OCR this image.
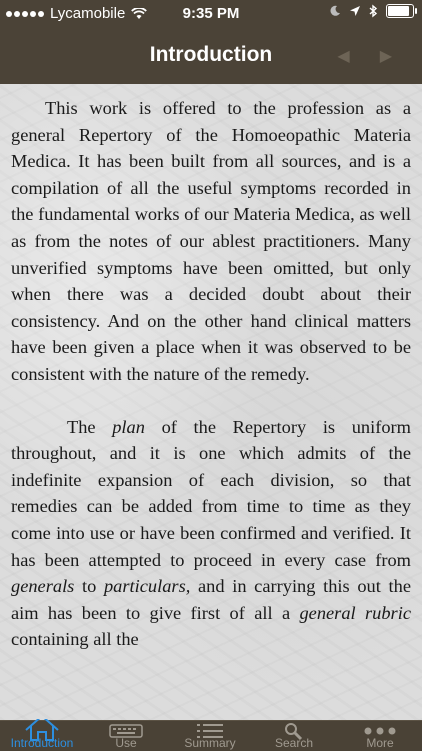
Lycamobile	9:35 PM
Introduction	◀ ▶

This work is offered to the profession as a general Repertory of the Homoeopathic Materia Medica. It has been built from all sources, and is a compilation of all the useful symptoms recorded in the fundamental works of our Materia Medica, as well as from the notes of our ablest practitioners. Many unverified symptoms have been omitted, but only when there was a decided doubt about their consistency. And on the other hand clinical matters have been given a place when it was observed to be consistent with the nature of the remedy.

The plan of the Repertory is uniform throughout, and it is one which admits of the indefinite expansion of each division, so that remedies can be added from time to time as they come into use or have been confirmed and verified. It has been attempted to proceed in every case from generals to particulars, and in carrying this out the aim has been to give first of all a general rubric containing all the

Introduction	Use	Summary	Search	More
